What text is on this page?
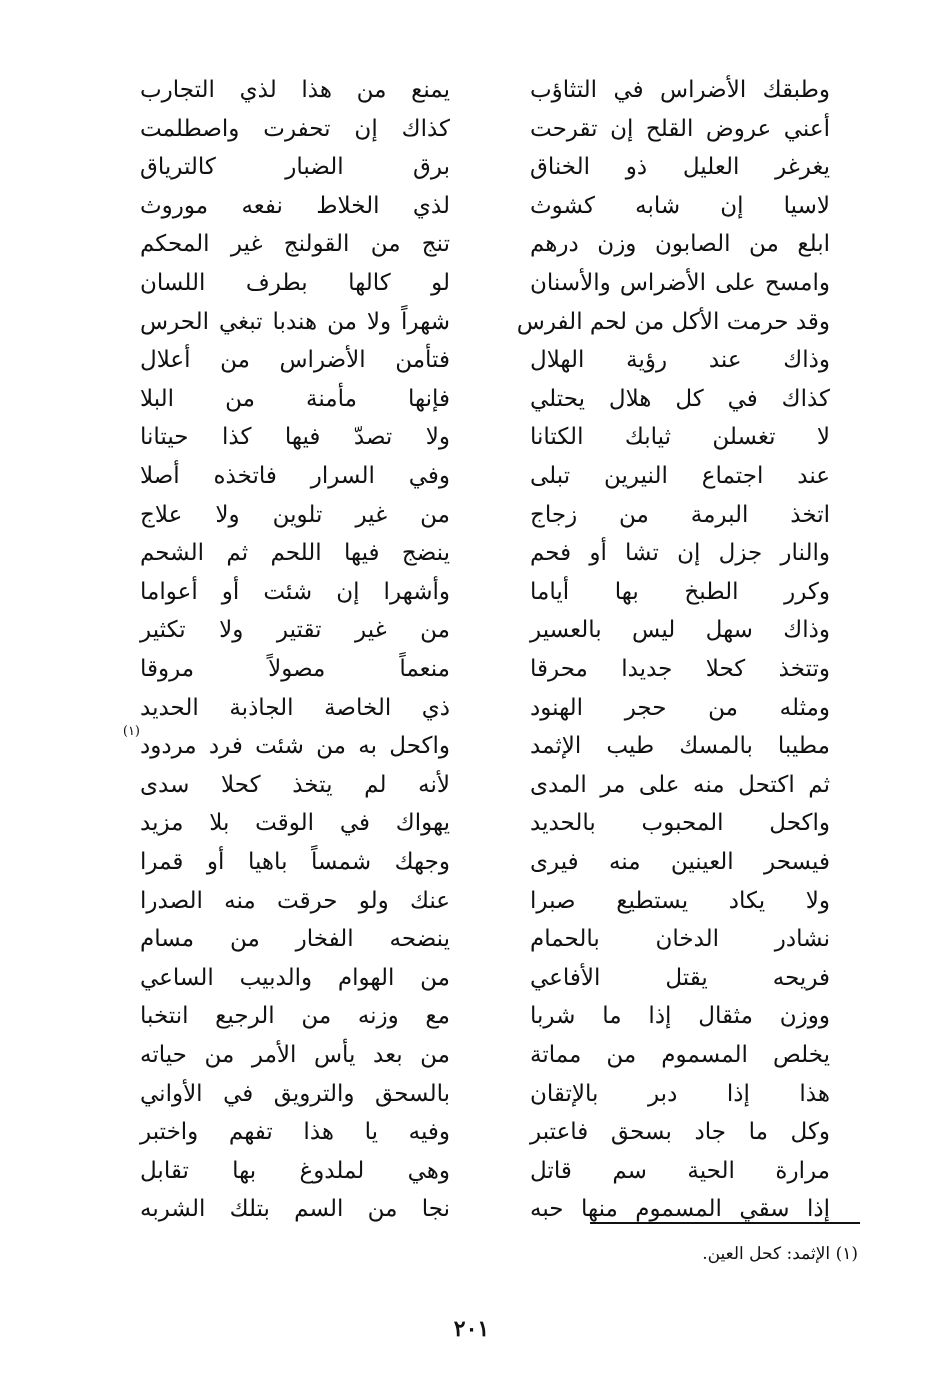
وطبقك الأضراس في التثاؤب
يمنع من هذا لذي التجارب
أعني عروض القلح إن تقرحت
كذاك إن تحفرت واصطلمت
يغرغر العليل ذو الخناق
برق الضبار كالترياق
لاسيا إن شابه كشوث
لذي الخلاط نفعه موروث
ابلع من الصابون وزن درهم
تنج من القولنج غير المحكم
وامسح على الأضراس والأسنان
لو كالها بطرف اللسان
وقد حرمت الأكل من لحم الفرس
شهراً ولا من هندبا تبغي الحرس
وذاك عند رؤية الهلال
فتأمن الأضراس من أعلال
كذاك في كل هلال يحتلي
فإنها مأمنة من البلا
لا تغسلن ثيابك الكتانا
ولا تصدّ فيها كذا حيتانا
عند اجتماع النيرين تبلى
وفي السرار فاتخذه أصلا
اتخذ البرمة من زجاج
من غير تلوين ولا علاج
والنار جزل إن تشا أو فحم
ينضج فيها اللحم ثم الشحم
وكرر الطبخ بها أياما
وأشهرا إن شئت أو أعواما
وذاك سهل ليس بالعسير
من غير تقتير ولا تكثير
وتتخذ كحلا جديدا محرقا
منعماً مصولاً مروقا
ومثله من حجر الهنود
ذي الخاصة الجاذبة الحديد
مطيبا بالمسك طيب الإثمد
واكحل به من شئت فرد مردود
(١)
ثم اكتحل منه على مر المدى
لأنه لم يتخذ كحلا سدى
واكحل المحبوب بالحديد
يهواك في الوقت بلا مزيد
فيسحر العينين منه فيرى
وجهك شمساً باهيا أو قمرا
ولا يكاد يستطيع صبرا
عنك ولو حرقت منه الصدرا
نشادر الدخان بالحمام
ينضحه الفخار من مسام
فريحه يقتل الأفاعي
من الهوام والدبيب الساعي
ووزن مثقال إذا ما شربا
مع وزنه من الرجيع انتخبا
يخلص المسموم من مماتة
من بعد يأس الأمر من حياته
هذا إذا دبر بالإتقان
بالسحق والترويق في الأواني
وكل ما جاد بسحق فاعتبر
وفيه يا هذا تفهم واختبر
مرارة الحية سم قاتل
وهي لملدوغ بها تقابل
إذا سقي المسموم منها حبه
نجا من السم بتلك الشربه
(١) الإثمد: كحل العين.
٢٠١
